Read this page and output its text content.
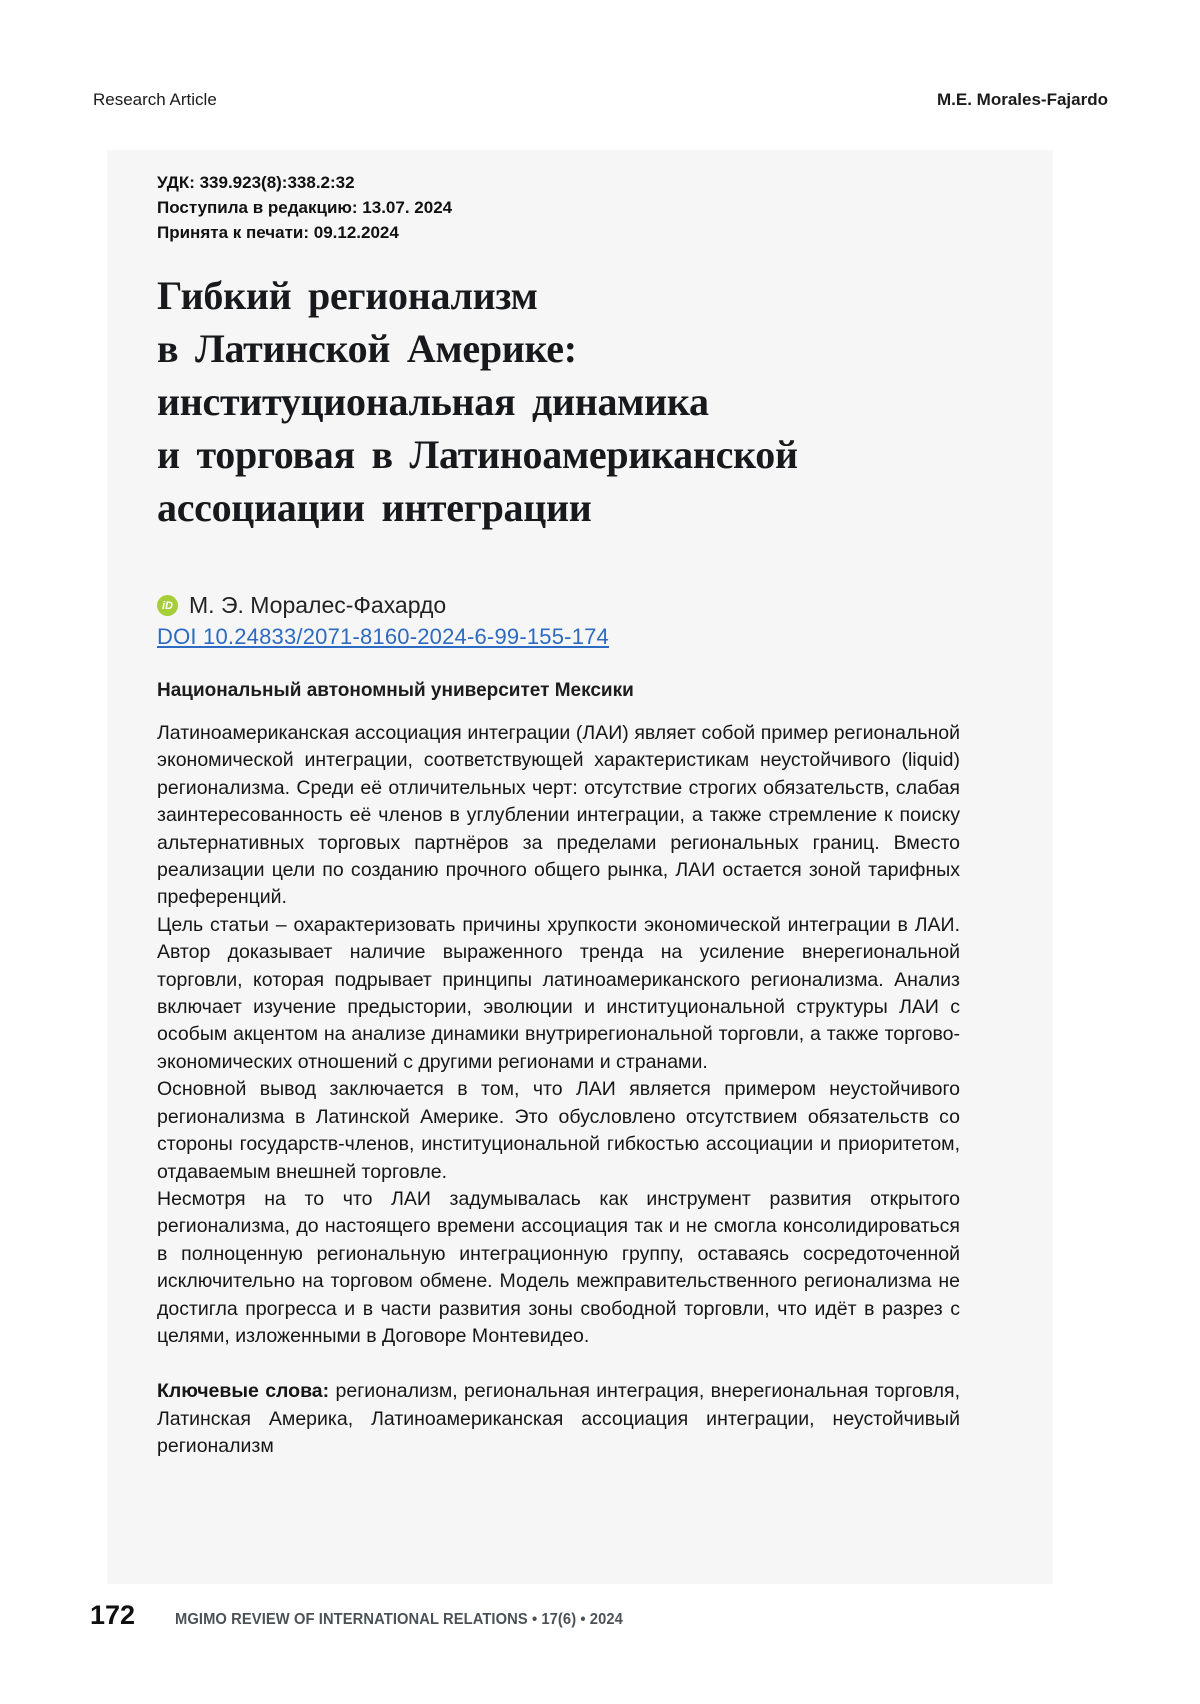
Research Article	M.E. Morales-Fajardo
УДК: 339.923(8):338.2:32
Поступила в редакцию: 13.07. 2024
Принята к печати: 09.12.2024
Гибкий регионализм
в Латинской Америке:
институциональная динамика
и торговая в Латиноамериканской
ассоциации интеграции
iD М. Э. Моралес-Фахардо
DOI 10.24833/2071-8160-2024-6-99-155-174
Национальный автономный университет Мексики

Латиноамериканская ассоциация интеграции (ЛАИ) являет собой пример региональной экономической интеграции, соответствующей характеристикам неустойчивого (liquid) регионализма. Среди её отличительных черт: отсутствие строгих обязательств, слабая заинтересованность её членов в углублении интеграции, а также стремление к поиску альтернативных торговых партнёров за пределами региональных границ. Вместо реализации цели по созданию прочного общего рынка, ЛАИ остается зоной тарифных преференций.

Цель статьи – охарактеризовать причины хрупкости экономической интеграции в ЛАИ. Автор доказывает наличие выраженного тренда на усиление внерегиональной торговли, которая подрывает принципы латиноамериканского регионализма. Анализ включает изучение предыстории, эволюции и институциональной структуры ЛАИ с особым акцентом на анализе динамики внутрирегиональной торговли, а также торгово-экономических отношений с другими регионами и странами.

Основной вывод заключается в том, что ЛАИ является примером неустойчивого регионализма в Латинской Америке. Это обусловлено отсутствием обязательств со стороны государств-членов, институциональной гибкостью ассоциации и приоритетом, отдаваемым внешней торговле.

Несмотря на то что ЛАИ задумывалась как инструмент развития открытого регионализма, до настоящего времени ассоциация так и не смогла консолидироваться в полноценную региональную интеграционную группу, оставаясь сосредоточенной исключительно на торговом обмене. Модель межправительственного регионализма не достигла прогресса и в части развития зоны свободной торговли, что идёт в разрез с целями, изложенными в Договоре Монтевидео.

Ключевые слова: регионализм, региональная интеграция, внерегиональная торговля, Латинская Америка, Латиноамериканская ассоциация интеграции, неустойчивый регионализм

172	MGIMO REVIEW OF INTERNATIONAL RELATIONS • 17(6) • 2024
